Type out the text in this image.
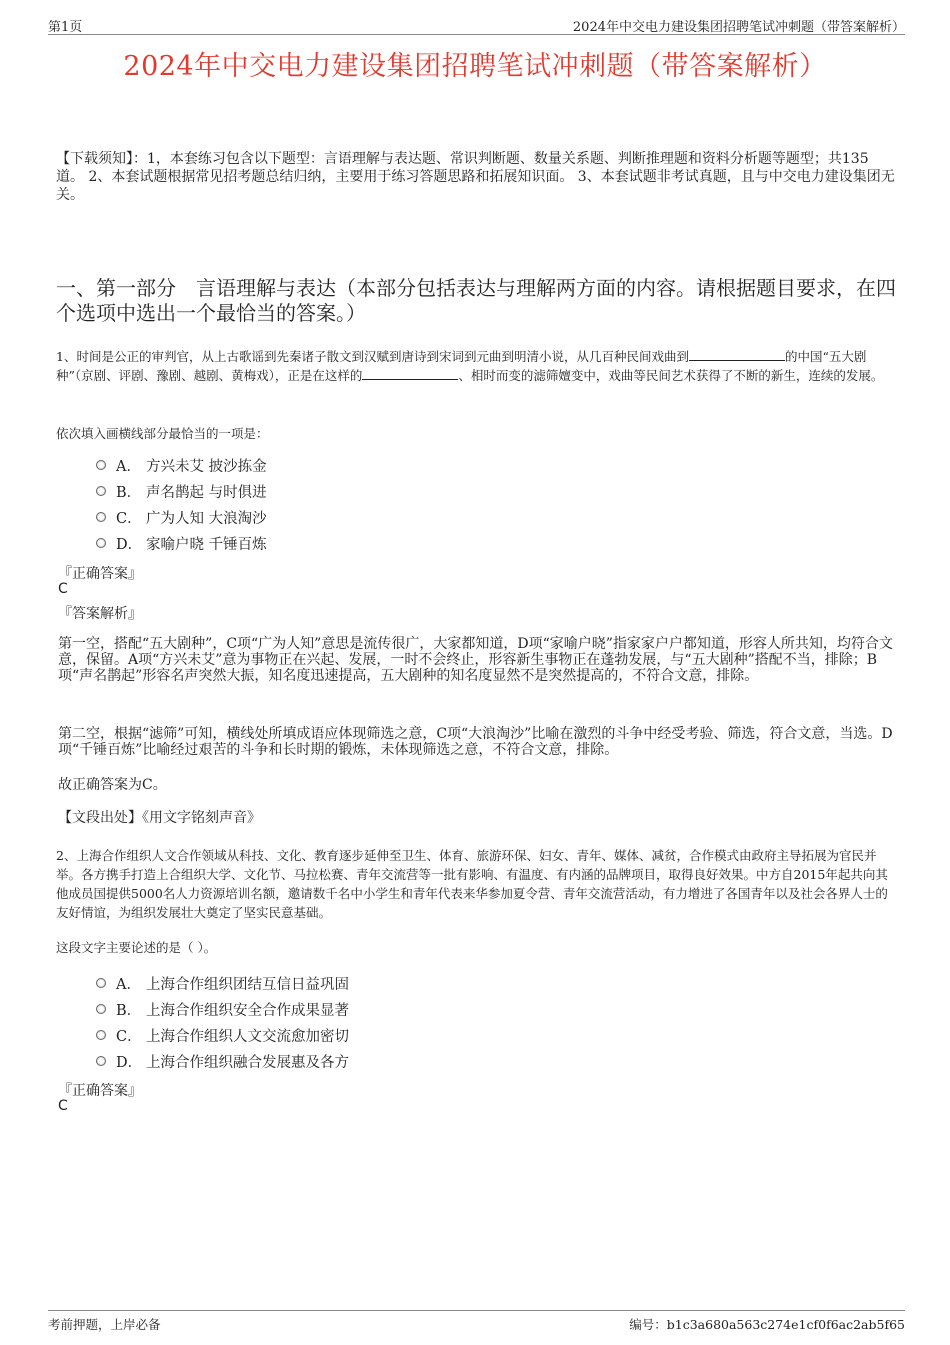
第1页	2024年中交电力建设集团招聘笔试冲刺题（带答案解析）
2024年中交电力建设集团招聘笔试冲刺题（带答案解析）
【下载须知】：1，本套练习包含以下题型：言语理解与表达题、常识判断题、数量关系题、判断推理题和资料分析题等题型；共135道。 2、本套试题根据常见招考题总结归纳，主要用于练习答题思路和拓展知识面。 3、本套试题非考试真题，且与中交电力建设集团无关。
一、第一部分　言语理解与表达（本部分包括表达与理解两方面的内容。请根据题目要求，在四个选项中选出一个最恰当的答案。）
1、时间是公正的审判官，从上古歌谣到先秦诸子散文到汉赋到唐诗到宋词到元曲到明清小说，从几百种民间戏曲到	的中国“五大剧种”（京剧、评剧、豫剧、越剧、黄梅戏），正是在这样的	、相时而变的滤筛嬗变中，戏曲等民间艺术获得了不断的新生，连续的发展。
依次填入画横线部分最恰当的一项是：
A． 方兴未艾 披沙拣金
B． 声名鹊起 与时俱进
C． 广为人知 大浪淘沙
D． 家喻户晓 千锤百炼
『正确答案』
C
『答案解析』
第一空，搭配“五大剧种”，C项“广为人知”意思是流传很广，大家都知道，D项“家喻户晓”指家家户户都知道，形容人所共知，均符合文意，保留。A项“方兴未艾”意为事物正在兴起、发展，一时不会终止，形容新生事物正在蓬勃发展，与“五大剧种”搭配不当，排除；B项“声名鹊起”形容名声突然大振，知名度迅速提高，五大剧种的知名度显然不是突然提高的，不符合文意，排除。
第二空，根据“滤筛”可知，横线处所填成语应体现筛选之意，C项“大浪淘沙”比喻在激烈的斗争中经受考验、筛选，符合文意，当选。D项“千锤百炼”比喻经过艰苦的斗争和长时期的锻炼，未体现筛选之意，不符合文意，排除。
故正确答案为C。
【文段出处】《用文字铭刻声音》
2、上海合作组织人文合作领域从科技、文化、教育逐步延伸至卫生、体育、旅游环保、妇女、青年、媒体、减贫，合作模式由政府主导拓展为官民并举。各方携手打造上合组织大学、文化节、马拉松赛、青年交流营等一批有影响、有温度、有内涵的品牌项目，取得良好效果。中方自2015年起共向其他成员国提供5000名人力资源培训名额，邀请数千名中小学生和青年代表来华参加夏令营、青年交流营活动，有力增进了各国青年以及社会各界人士的友好情谊，为组织发展壮大奠定了坚实民意基础。
这段文字主要论述的是（ ）。
A． 上海合作组织团结互信日益巩固
B． 上海合作组织安全合作成果显著
C． 上海合作组织人文交流愈加密切
D． 上海合作组织融合发展惠及各方
『正确答案』
C
考前押题，上岸必备	编号：b1c3a680a563c274e1cf0f6ac2ab5f65
